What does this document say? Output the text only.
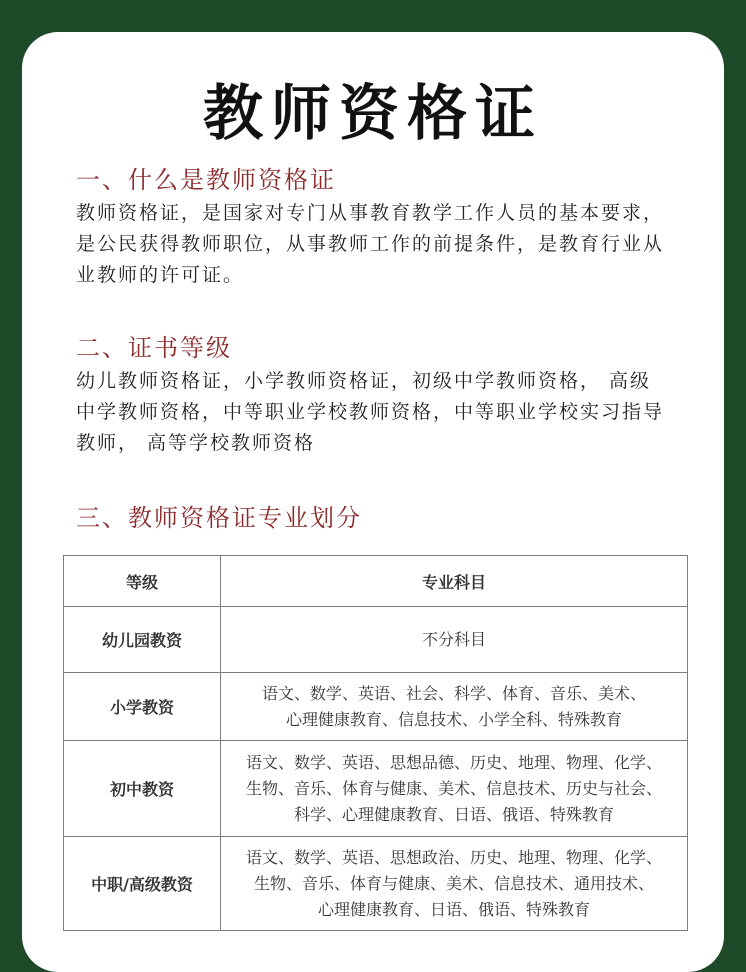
教师资格证
一、什么是教师资格证

教师资格证，是国家对专门从事教育教学工作人员的基本要求，

是公民获得教师职位，从事教师工作的前提条件，是教育行业从

业教师的许可证。

二、证书等级

幼儿教师资格证，小学教师资格证，初级中学教师资格， 高级

中学教师资格，中等职业学校教师资格，中等职业学校实习指导

教师， 高等学校教师资格

三、教师资格证专业划分
等级	专业科目
幼儿园教资	不分科目

小学教资	语文、数学、英语、社会、科学、体育、音乐、美术、
心理健康教育、信息技术、小学全科、特殊教育

初中教资	语文、数学、英语、思想品德、历史、地理、物理、化学、
生物、音乐、体育与健康、美术、信息技术、历史与社会、
科学、心理健康教育、日语、俄语、特殊教育

中职/高级教资	语文、数学、英语、思想政治、历史、地理、物理、化学、
生物、音乐、体育与健康、美术、信息技术、通用技术、
心理健康教育、日语、俄语、特殊教育
